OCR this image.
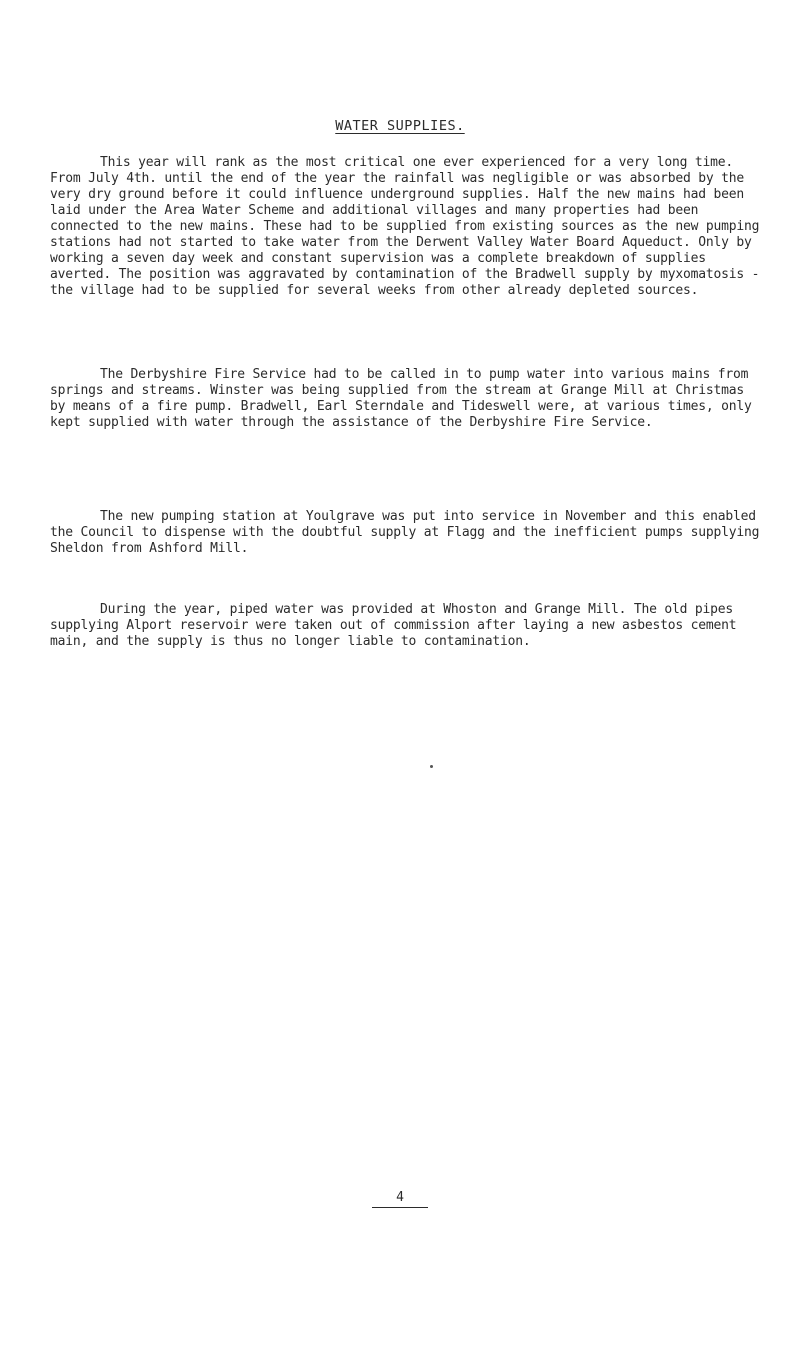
WATER SUPPLIES.

This year will rank as the most critical one ever experienced for a very long time. From July 4th. until the end of the year the rainfall was negligible or was absorbed by the very dry ground before it could influence underground supplies. Half the new mains had been laid under the Area Water Scheme and additional villages and many properties had been connected to the new mains. These had to be supplied from existing sources as the new pumping stations had not started to take water from the Derwent Valley Water Board Aqueduct. Only by working a seven day week and constant supervision was a complete breakdown of supplies averted. The position was aggravated by contamination of the Bradwell supply by myxomatosis - the village had to be supplied for several weeks from other already depleted sources.

The Derbyshire Fire Service had to be called in to pump water into various mains from springs and streams. Winster was being supplied from the stream at Grange Mill at Christmas by means of a fire pump. Bradwell, Earl Sterndale and Tideswell were, at various times, only kept supplied with water through the assistance of the Derbyshire Fire Service.

The new pumping station at Youlgrave was put into service in November and this enabled the Council to dispense with the doubtful supply at Flagg and the inefficient pumps supplying Sheldon from Ashford Mill.

During the year, piped water was provided at Whoston and Grange Mill. The old pipes supplying Alport reservoir were taken out of commission after laying a new asbestos cement main, and the supply is thus no longer liable to contamination.

4
